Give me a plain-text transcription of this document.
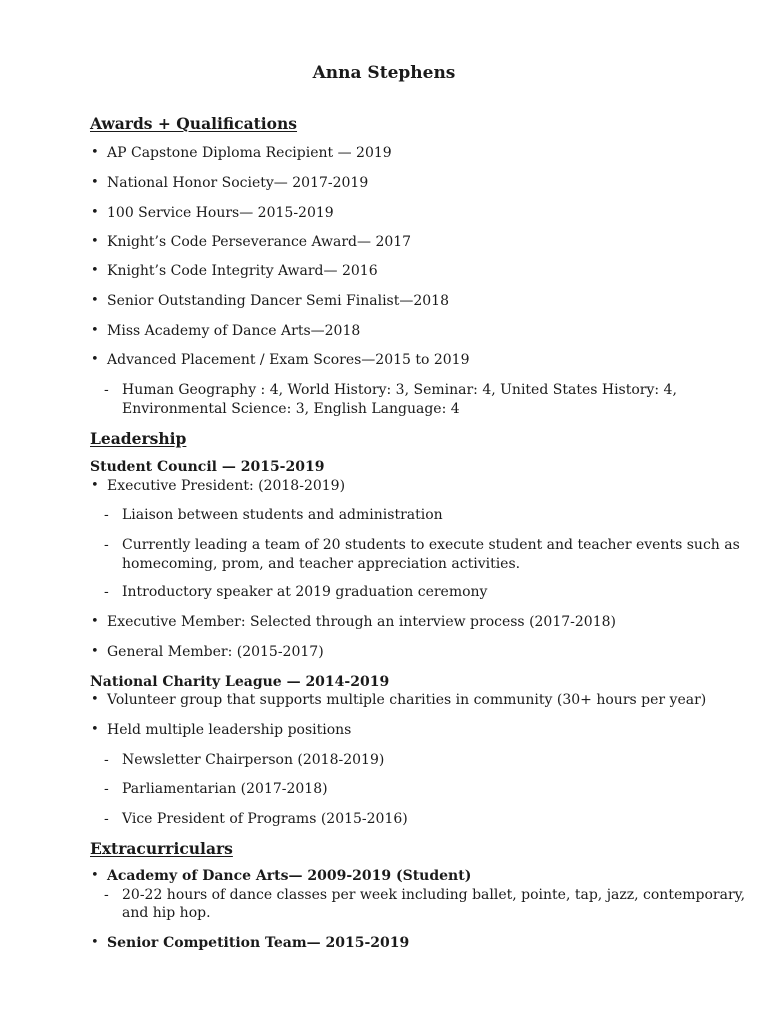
Anna Stephens
Awards + Qualifications
• AP Capstone Diploma Recipient — 2019
• National Honor Society— 2017-2019
• 100 Service Hours— 2015-2019
• Knight’s Code Perseverance Award— 2017
• Knight’s Code Integrity Award— 2016
• Senior Outstanding Dancer Semi Finalist—2018
• Miss Academy of Dance Arts—2018
• Advanced Placement / Exam Scores—2015 to 2019
- Human Geography : 4, World History: 3, Seminar: 4, United States History: 4,
Environmental Science: 3, English Language: 4
Leadership
Student Council — 2015-2019
• Executive President: (2018-2019)
- Liaison between students and administration
- Currently leading a team of 20 students to execute student and teacher events such as
homecoming, prom, and teacher appreciation activities.
- Introductory speaker at 2019 graduation ceremony
• Executive Member: Selected through an interview process (2017-2018)
• General Member: (2015-2017)
National Charity League — 2014-2019
• Volunteer group that supports multiple charities in community (30+ hours per year)
• Held multiple leadership positions
- Newsletter Chairperson (2018-2019)
- Parliamentarian (2017-2018)
- Vice President of Programs (2015-2016)
Extracurriculars
• Academy of Dance Arts— 2009-2019 (Student)
- 20-22 hours of dance classes per week including ballet, pointe, tap, jazz, contemporary,
and hip hop.
• Senior Competition Team— 2015-2019
